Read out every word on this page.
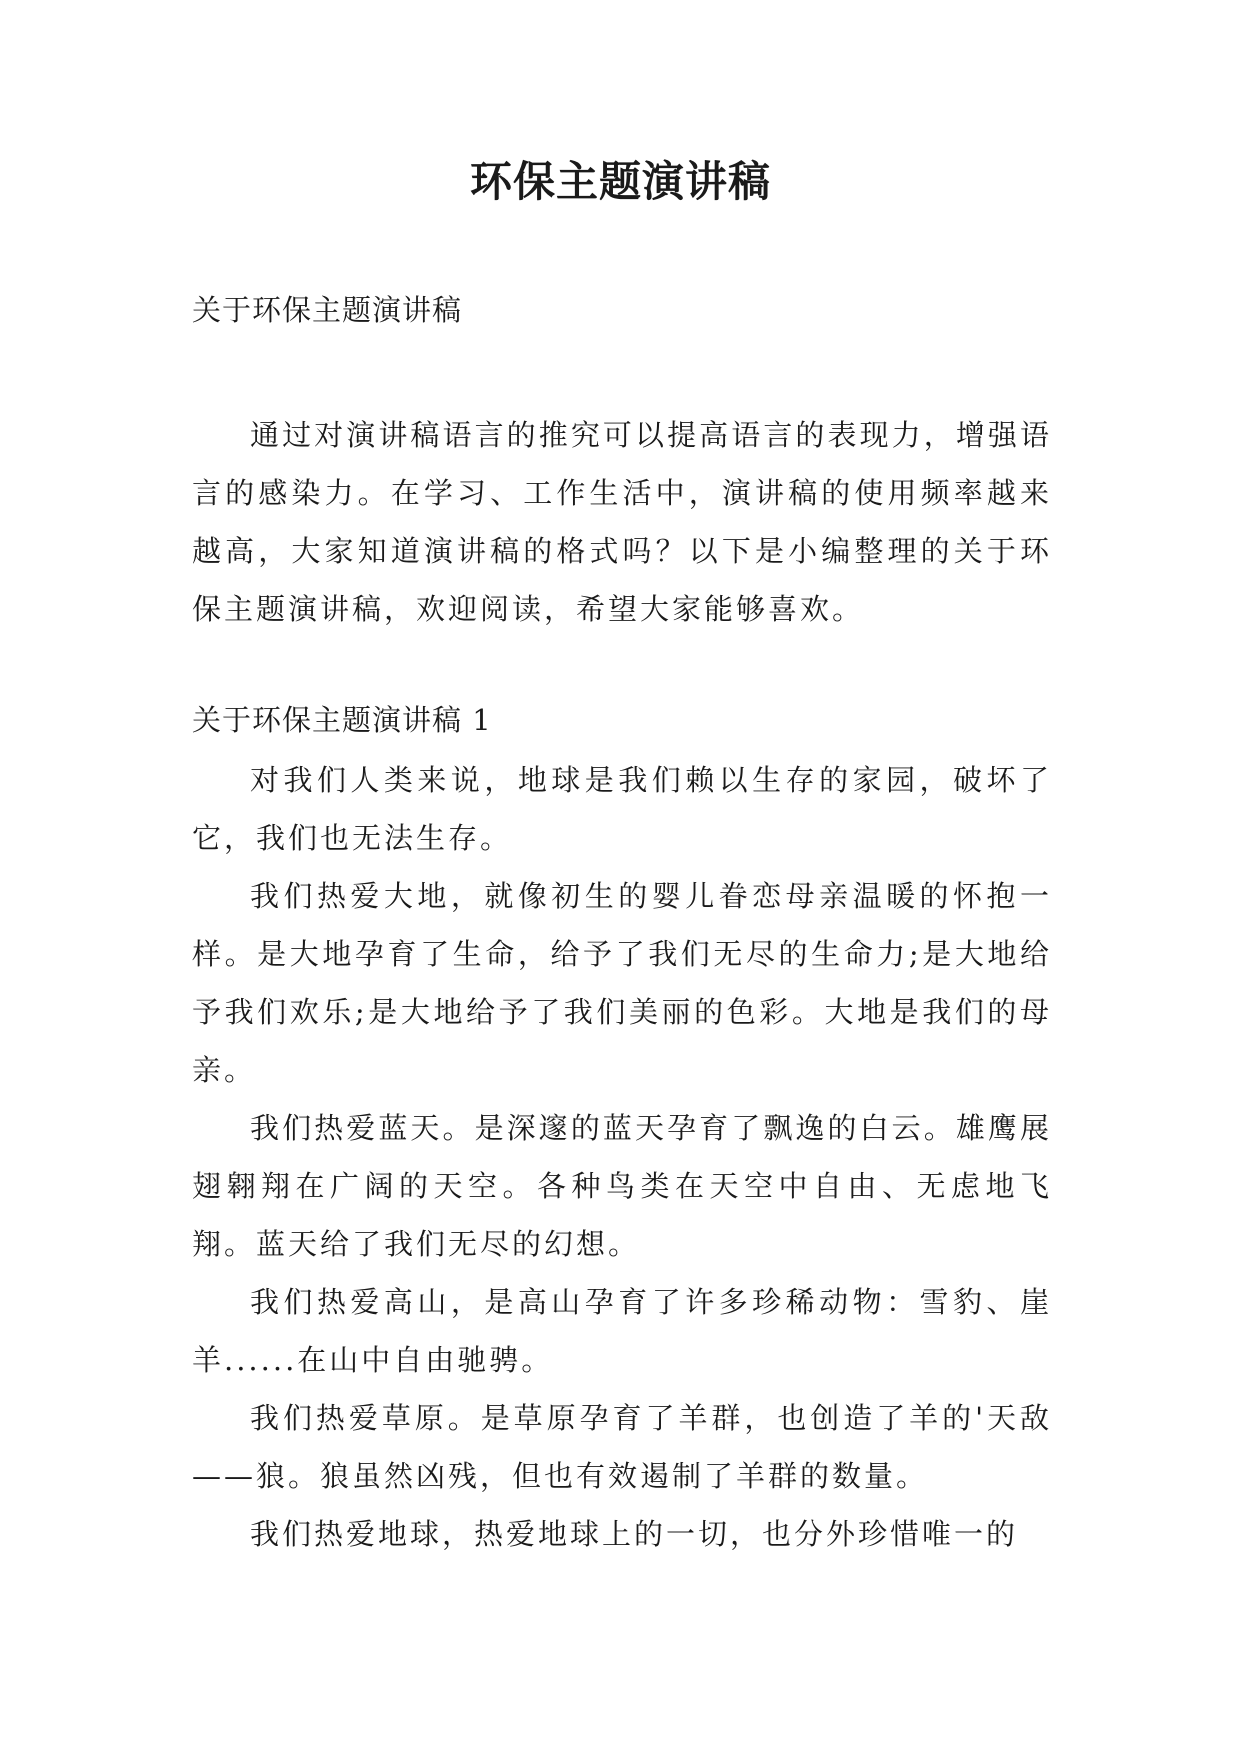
环保主题演讲稿

关于环保主题演讲稿

通过对演讲稿语言的推究可以提高语言的表现力，增强语言的感染力。在学习、工作生活中，演讲稿的使用频率越来越高，大家知道演讲稿的格式吗？以下是小编整理的关于环保主题演讲稿，欢迎阅读，希望大家能够喜欢。

关于环保主题演讲稿 1

对我们人类来说，地球是我们赖以生存的家园，破坏了它，我们也无法生存。

我们热爱大地，就像初生的婴儿眷恋母亲温暖的怀抱一样。是大地孕育了生命，给予了我们无尽的生命力;是大地给予我们欢乐;是大地给予了我们美丽的色彩。大地是我们的母亲。

我们热爱蓝天。是深邃的蓝天孕育了飘逸的白云。雄鹰展翅翱翔在广阔的天空。各种鸟类在天空中自由、无虑地飞翔。蓝天给了我们无尽的幻想。

我们热爱高山，是高山孕育了许多珍稀动物：雪豹、崖羊......在山中自由驰骋。

我们热爱草原。是草原孕育了羊群，也创造了羊的'天敌——狼。狼虽然凶残，但也有效遏制了羊群的数量。

我们热爱地球，热爱地球上的一切，也分外珍惜唯一的
